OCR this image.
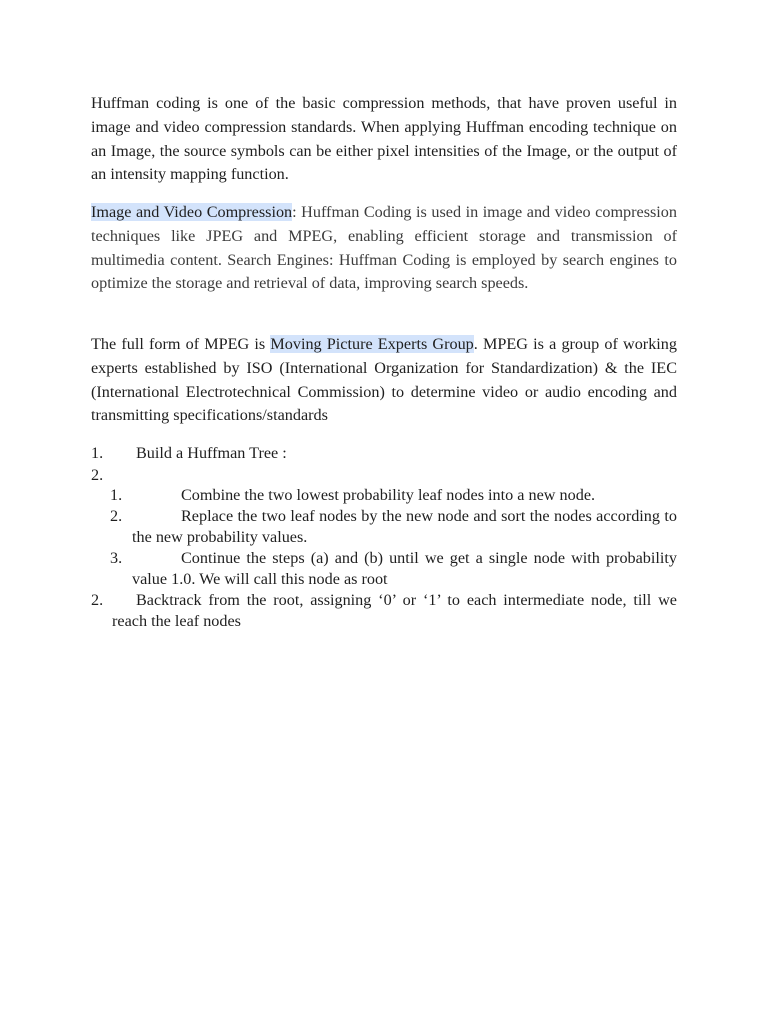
Huffman coding is one of the basic compression methods, that have proven useful in image and video compression standards. When applying Huffman encoding technique on an Image, the source symbols can be either pixel intensities of the Image, or the output of an intensity mapping function.

Image and Video Compression: Huffman Coding is used in image and video compression techniques like JPEG and MPEG, enabling efficient storage and transmission of multimedia content. Search Engines: Huffman Coding is employed by search engines to optimize the storage and retrieval of data, improving search speeds.

The full form of MPEG is Moving Picture Experts Group. MPEG is a group of working experts established by ISO (International Organization for Standardization) & the IEC (International Electrotechnical Commission) to determine video or audio encoding and transmitting specifications/standards

1. Build a Huffman Tree :
2.
1.	Combine the two lowest probability leaf nodes into a new node.
2.	Replace the two leaf nodes by the new node and sort the nodes according to the new probability values.

3.	Continue the steps (a) and (b) until we get a single node with probability value 1.0. We will call this node as root

2.	Backtrack from the root, assigning ‘0’ or ‘1’ to each intermediate node, till we reach the leaf nodes
